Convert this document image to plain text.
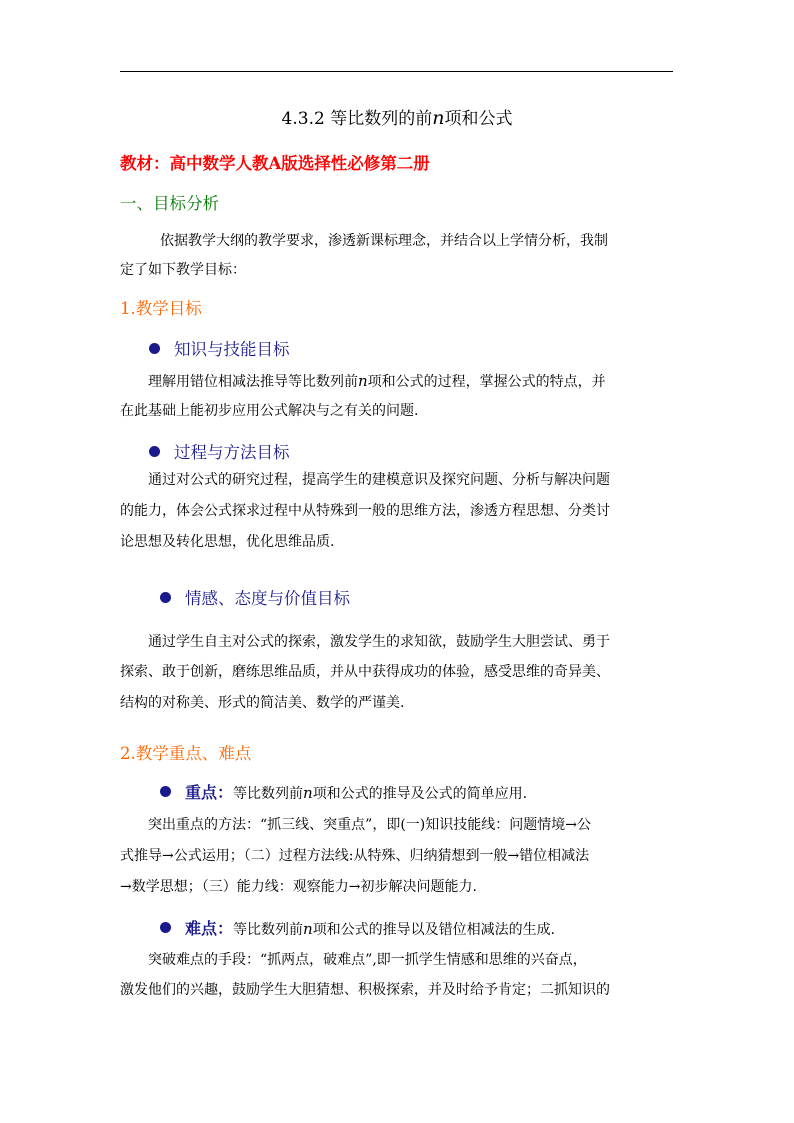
4.3.2 等比数列的前n项和公式
教材：高中数学人教A版选择性必修第二册
一、目标分析
依据教学大纲的教学要求，渗透新课标理念，并结合以上学情分析，我制
定了如下教学目标：
1.教学目标
知识与技能目标
理解用错位相减法推导等比数列前n项和公式的过程，掌握公式的特点，并
在此基础上能初步应用公式解决与之有关的问题.
过程与方法目标
通过对公式的研究过程，提高学生的建模意识及探究问题、分析与解决问题
的能力，体会公式探求过程中从特殊到一般的思维方法，渗透方程思想、分类讨
论思想及转化思想，优化思维品质.
情感、态度与价值目标
通过学生自主对公式的探索，激发学生的求知欲，鼓励学生大胆尝试、勇于
探索、敢于创新，磨练思维品质，并从中获得成功的体验，感受思维的奇异美、
结构的对称美、形式的简洁美、数学的严谨美.
2.教学重点、难点
重点：等比数列前n项和公式的推导及公式的简单应用.
突出重点的方法：“抓三线、突重点”，即(一)知识技能线：问题情境→公
式推导→公式运用；（二）过程方法线:从特殊、归纳猜想到一般→错位相减法
→数学思想；（三）能力线：观察能力→初步解决问题能力.
难点：等比数列前n项和公式的推导以及错位相减法的生成.
突破难点的手段：“抓两点，破难点”,即一抓学生情感和思维的兴奋点，
激发他们的兴趣，鼓励学生大胆猜想、积极探索，并及时给予肯定；二抓知识的
